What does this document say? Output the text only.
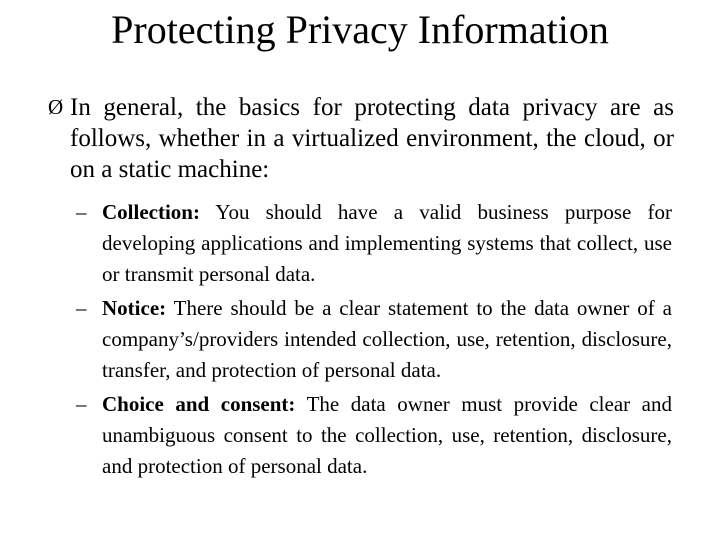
Protecting Privacy Information
Ø In general, the basics for protecting data privacy are as follows, whether in a virtualized environment, the cloud, or on a static machine:
– Collection: You should have a valid business purpose for developing applications and implementing systems that collect, use or transmit personal data.
– Notice: There should be a clear statement to the data owner of a company’s/providers intended collection, use, retention, disclosure, transfer, and protection of personal data.
– Choice and consent: The data owner must provide clear and unambiguous consent to the collection, use, retention, disclosure, and protection of personal data.
